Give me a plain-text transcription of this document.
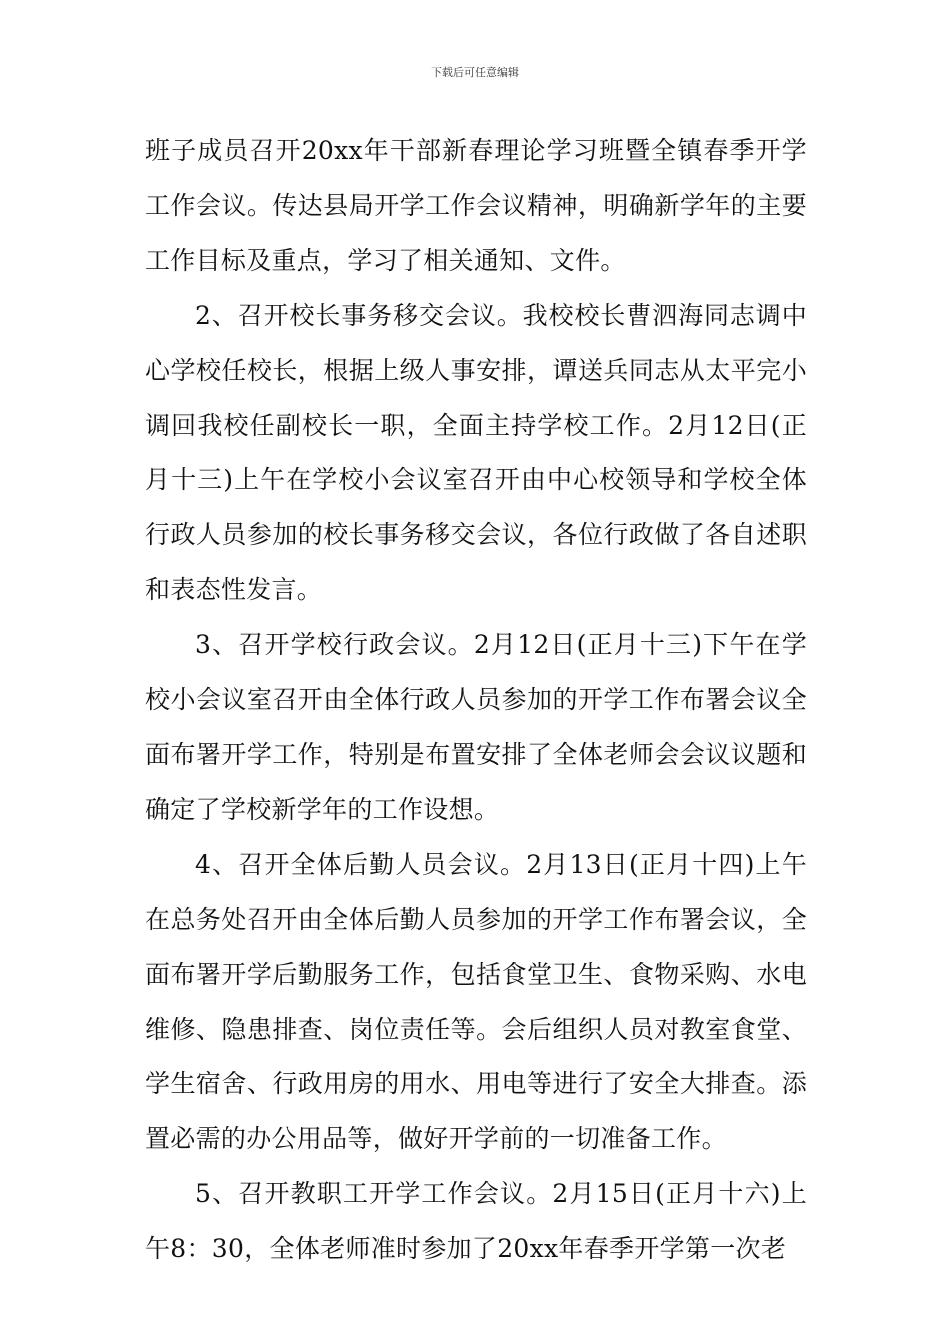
下载后可任意编辑

班子成员召开20xx年干部新春理论学习班暨全镇春季开学工作会议。传达县局开学工作会议精神，明确新学年的主要工作目标及重点，学习了相关通知、文件。

2、召开校长事务移交会议。我校校长曹泗海同志调中心学校任校长，根据上级人事安排，谭送兵同志从太平完小调回我校任副校长一职，全面主持学校工作。2月12日(正月十三)上午在学校小会议室召开由中心校领导和学校全体行政人员参加的校长事务移交会议，各位行政做了各自述职和表态性发言。

3、召开学校行政会议。2月12日(正月十三)下午在学校小会议室召开由全体行政人员参加的开学工作布署会议全面布署开学工作，特别是布置安排了全体老师会会议议题和确定了学校新学年的工作设想。

4、召开全体后勤人员会议。2月13日(正月十四)上午在总务处召开由全体后勤人员参加的开学工作布署会议，全面布署开学后勤服务工作，包括食堂卫生、食物采购、水电维修、隐患排查、岗位责任等。会后组织人员对教室食堂、学生宿舍、行政用房的用水、用电等进行了安全大排查。添置必需的办公用品等，做好开学前的一切准备工作。

5、召开教职工开学工作会议。2月15日(正月十六)上午8：30，全体老师准时参加了20xx年春季开学第一次老
